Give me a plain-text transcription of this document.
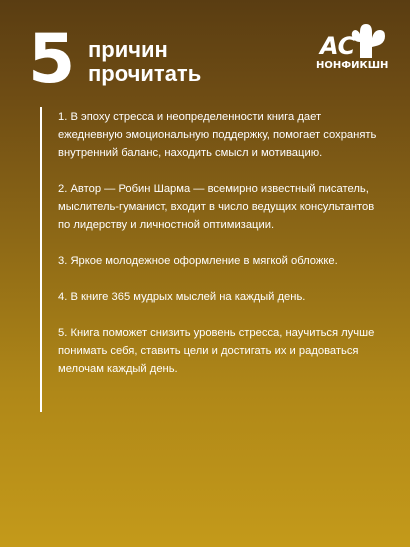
5 причин
прочитать
АС
НОНФИКШН

1. В эпоху стресса и неопределенности книга дает ежедневную эмоциональную поддержку, помогает сохранять внутренний баланс, находить смысл и мотивацию.

2. Автор — Робин Шарма — всемирно известный писатель, мыслитель-гуманист, входит в число ведущих консультантов по лидерству и личностной оптимизации.

3. Яркое молодежное оформление в мягкой обложке.

4. В книге 365 мудрых мыслей на каждый день.

5. Книга поможет снизить уровень стресса, научиться лучше понимать себя, ставить цели и достигать их и радоваться мелочам каждый день.
